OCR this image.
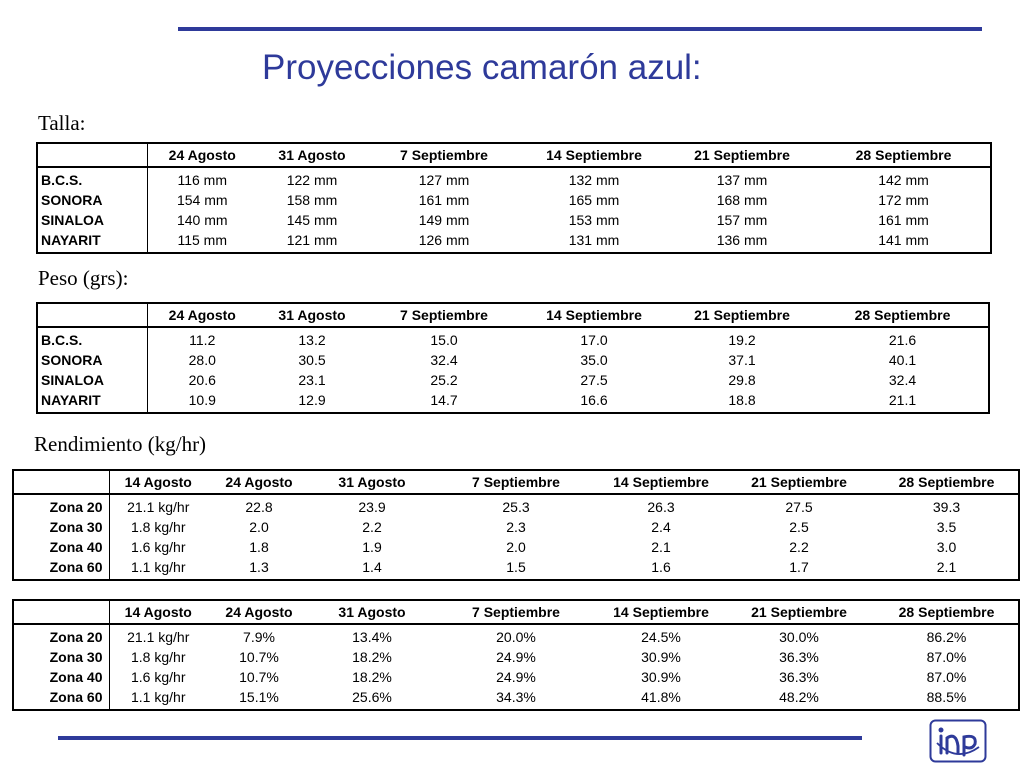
Proyecciones camarón azul:

Talla:

	24 Agosto	31 Agosto	7 Septiembre	14 Septiembre	21 Septiembre	28 Septiembre
B.C.S.	116 mm	122 mm	127 mm	132 mm	137 mm	142 mm
SONORA	154 mm	158 mm	161 mm	165 mm	168 mm	172 mm
SINALOA	140 mm	145 mm	149 mm	153 mm	157 mm	161 mm
NAYARIT	115 mm	121 mm	126 mm	131 mm	136 mm	141 mm

Peso (grs):

	24 Agosto	31 Agosto	7 Septiembre	14 Septiembre	21 Septiembre	28 Septiembre
B.C.S.	11.2	13.2	15.0	17.0	19.2	21.6
SONORA	28.0	30.5	32.4	35.0	37.1	40.1
SINALOA	20.6	23.1	25.2	27.5	29.8	32.4
NAYARIT	10.9	12.9	14.7	16.6	18.8	21.1

Rendimiento (kg/hr)

	14 Agosto	24 Agosto	31 Agosto	7 Septiembre	14 Septiembre	21 Septiembre	28 Septiembre
Zona 20	21.1 kg/hr	22.8	23.9	25.3	26.3	27.5	39.3
Zona 30	1.8 kg/hr	2.0	2.2	2.3	2.4	2.5	3.5
Zona 40	1.6 kg/hr	1.8	1.9	2.0	2.1	2.2	3.0
Zona 60	1.1 kg/hr	1.3	1.4	1.5	1.6	1.7	2.1
	14 Agosto	24 Agosto	31 Agosto	7 Septiembre	14 Septiembre	21 Septiembre	28 Septiembre
Zona 20	21.1 kg/hr	7.9%	13.4%	20.0%	24.5%	30.0%	86.2%
Zona 30	1.8 kg/hr	10.7%	18.2%	24.9%	30.9%	36.3%	87.0%
Zona 40	1.6 kg/hr	10.7%	18.2%	24.9%	30.9%	36.3%	87.0%
Zona 60	1.1 kg/hr	15.1%	25.6%	34.3%	41.8%	48.2%	88.5%
